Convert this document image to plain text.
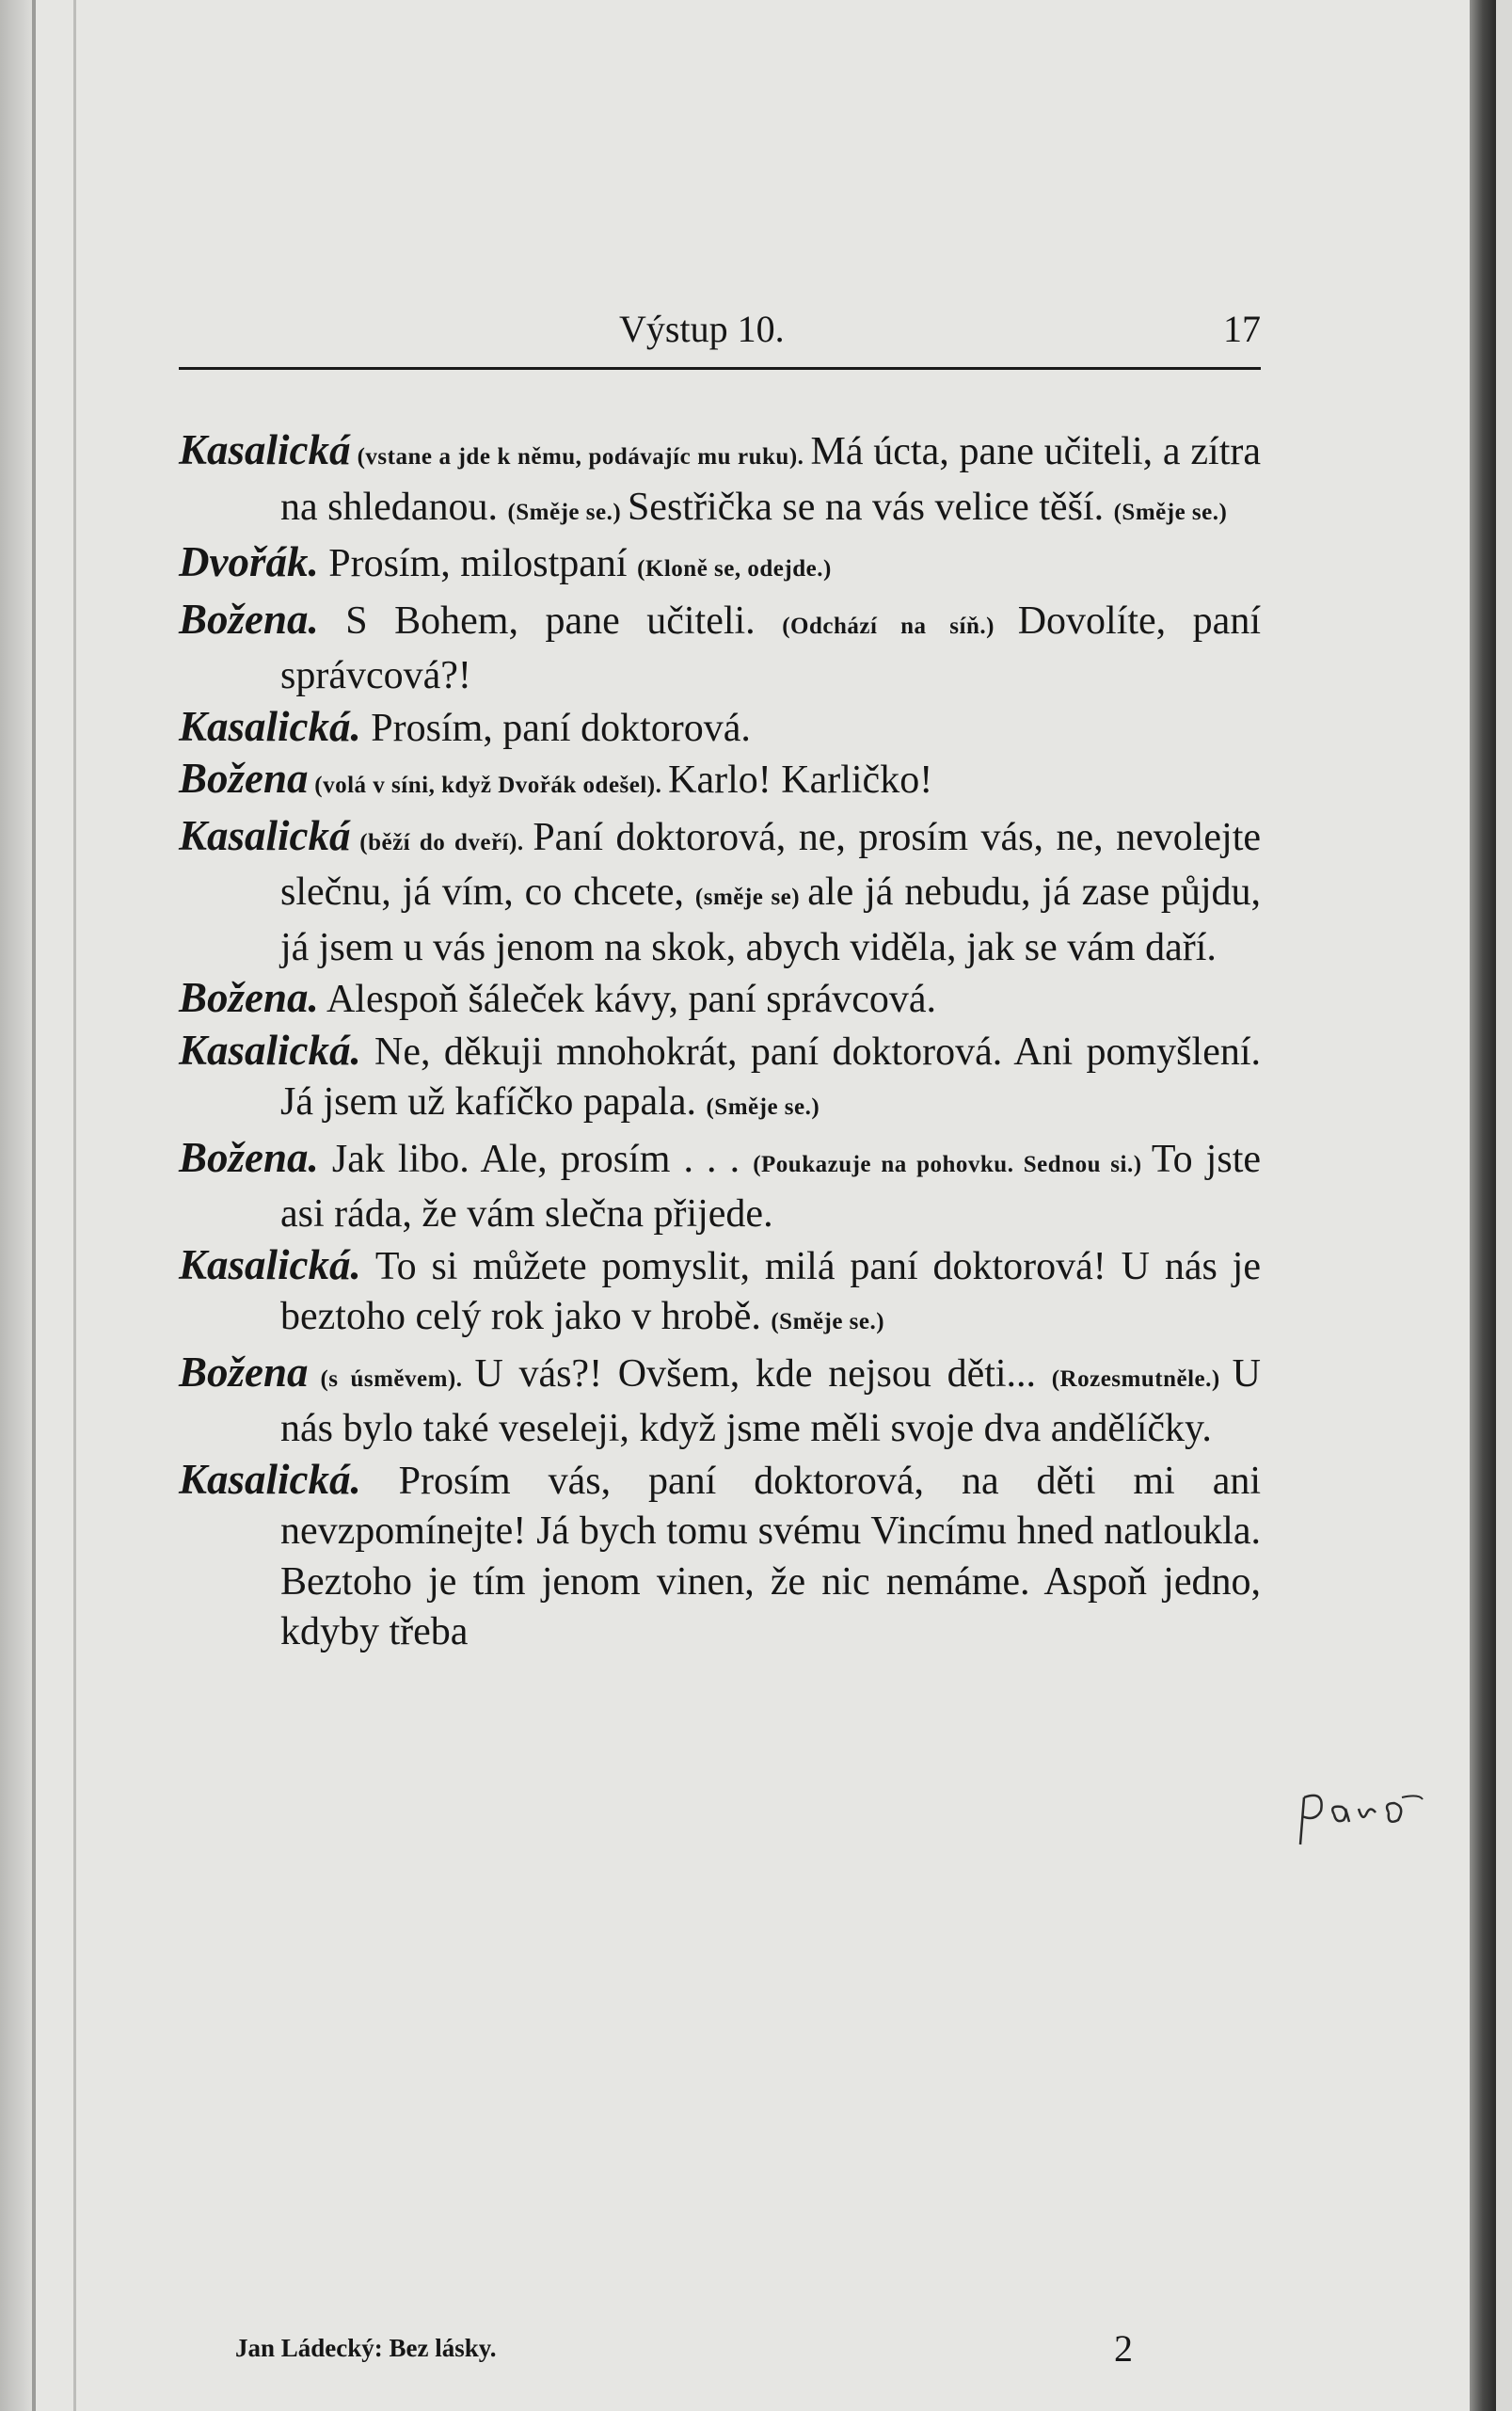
Výstup 10.	17

Kasalická (vstane a jde k němu, podávajíc mu ruku). Má úcta, pane učiteli, a zítra na shledanou. (Směje se.) Sestřička se na vás velice těší. (Směje se.)

Dvořák. Prosím, milostpaní (Kloně se, odejde.)

Božena. S Bohem, pane učiteli. (Odchází na síň.) Dovolíte, paní správcová?!

Kasalická. Prosím, paní doktorová.

Božena (volá v síni, když Dvořák odešel). Karlo! Karličko!

Kasalická (běží do dveří). Paní doktorová, ne, prosím vás, ne, nevolejte slečnu, já vím, co chcete, (směje se) ale já nebudu, já zase půjdu, já jsem u vás jenom na skok, abych viděla, jak se vám daří.

Božena. Alespoň šáleček kávy, paní správcová.

Kasalická. Ne, děkuji mnohokrát, paní doktorová. Ani pomyšlení. Já jsem už kafíčko papala. (Směje se.)

Božena. Jak libo. Ale, prosím . . . (Poukazuje na pohovku. Sednou si.) To jste asi ráda, že vám slečna přijede.

Kasalická. To si můžete pomyslit, milá paní doktorová! U nás je beztoho celý rok jako v hrobě. (Směje se.)

Božena (s úsměvem). U vás?! Ovšem, kde nejsou děti... (Rozesmutněle.) U nás bylo také veseleji, když jsme měli svoje dva andělíčky.

Kasalická. Prosím vás, paní doktorová, na děti mi ani nevzpomínejte! Já bych tomu svému Vincímu hned natloukla. Beztoho je tím jenom vinen, že nic nemáme. Aspoň jedno, kdyby třeba

Jan Ládecký: Bez lásky.	2
